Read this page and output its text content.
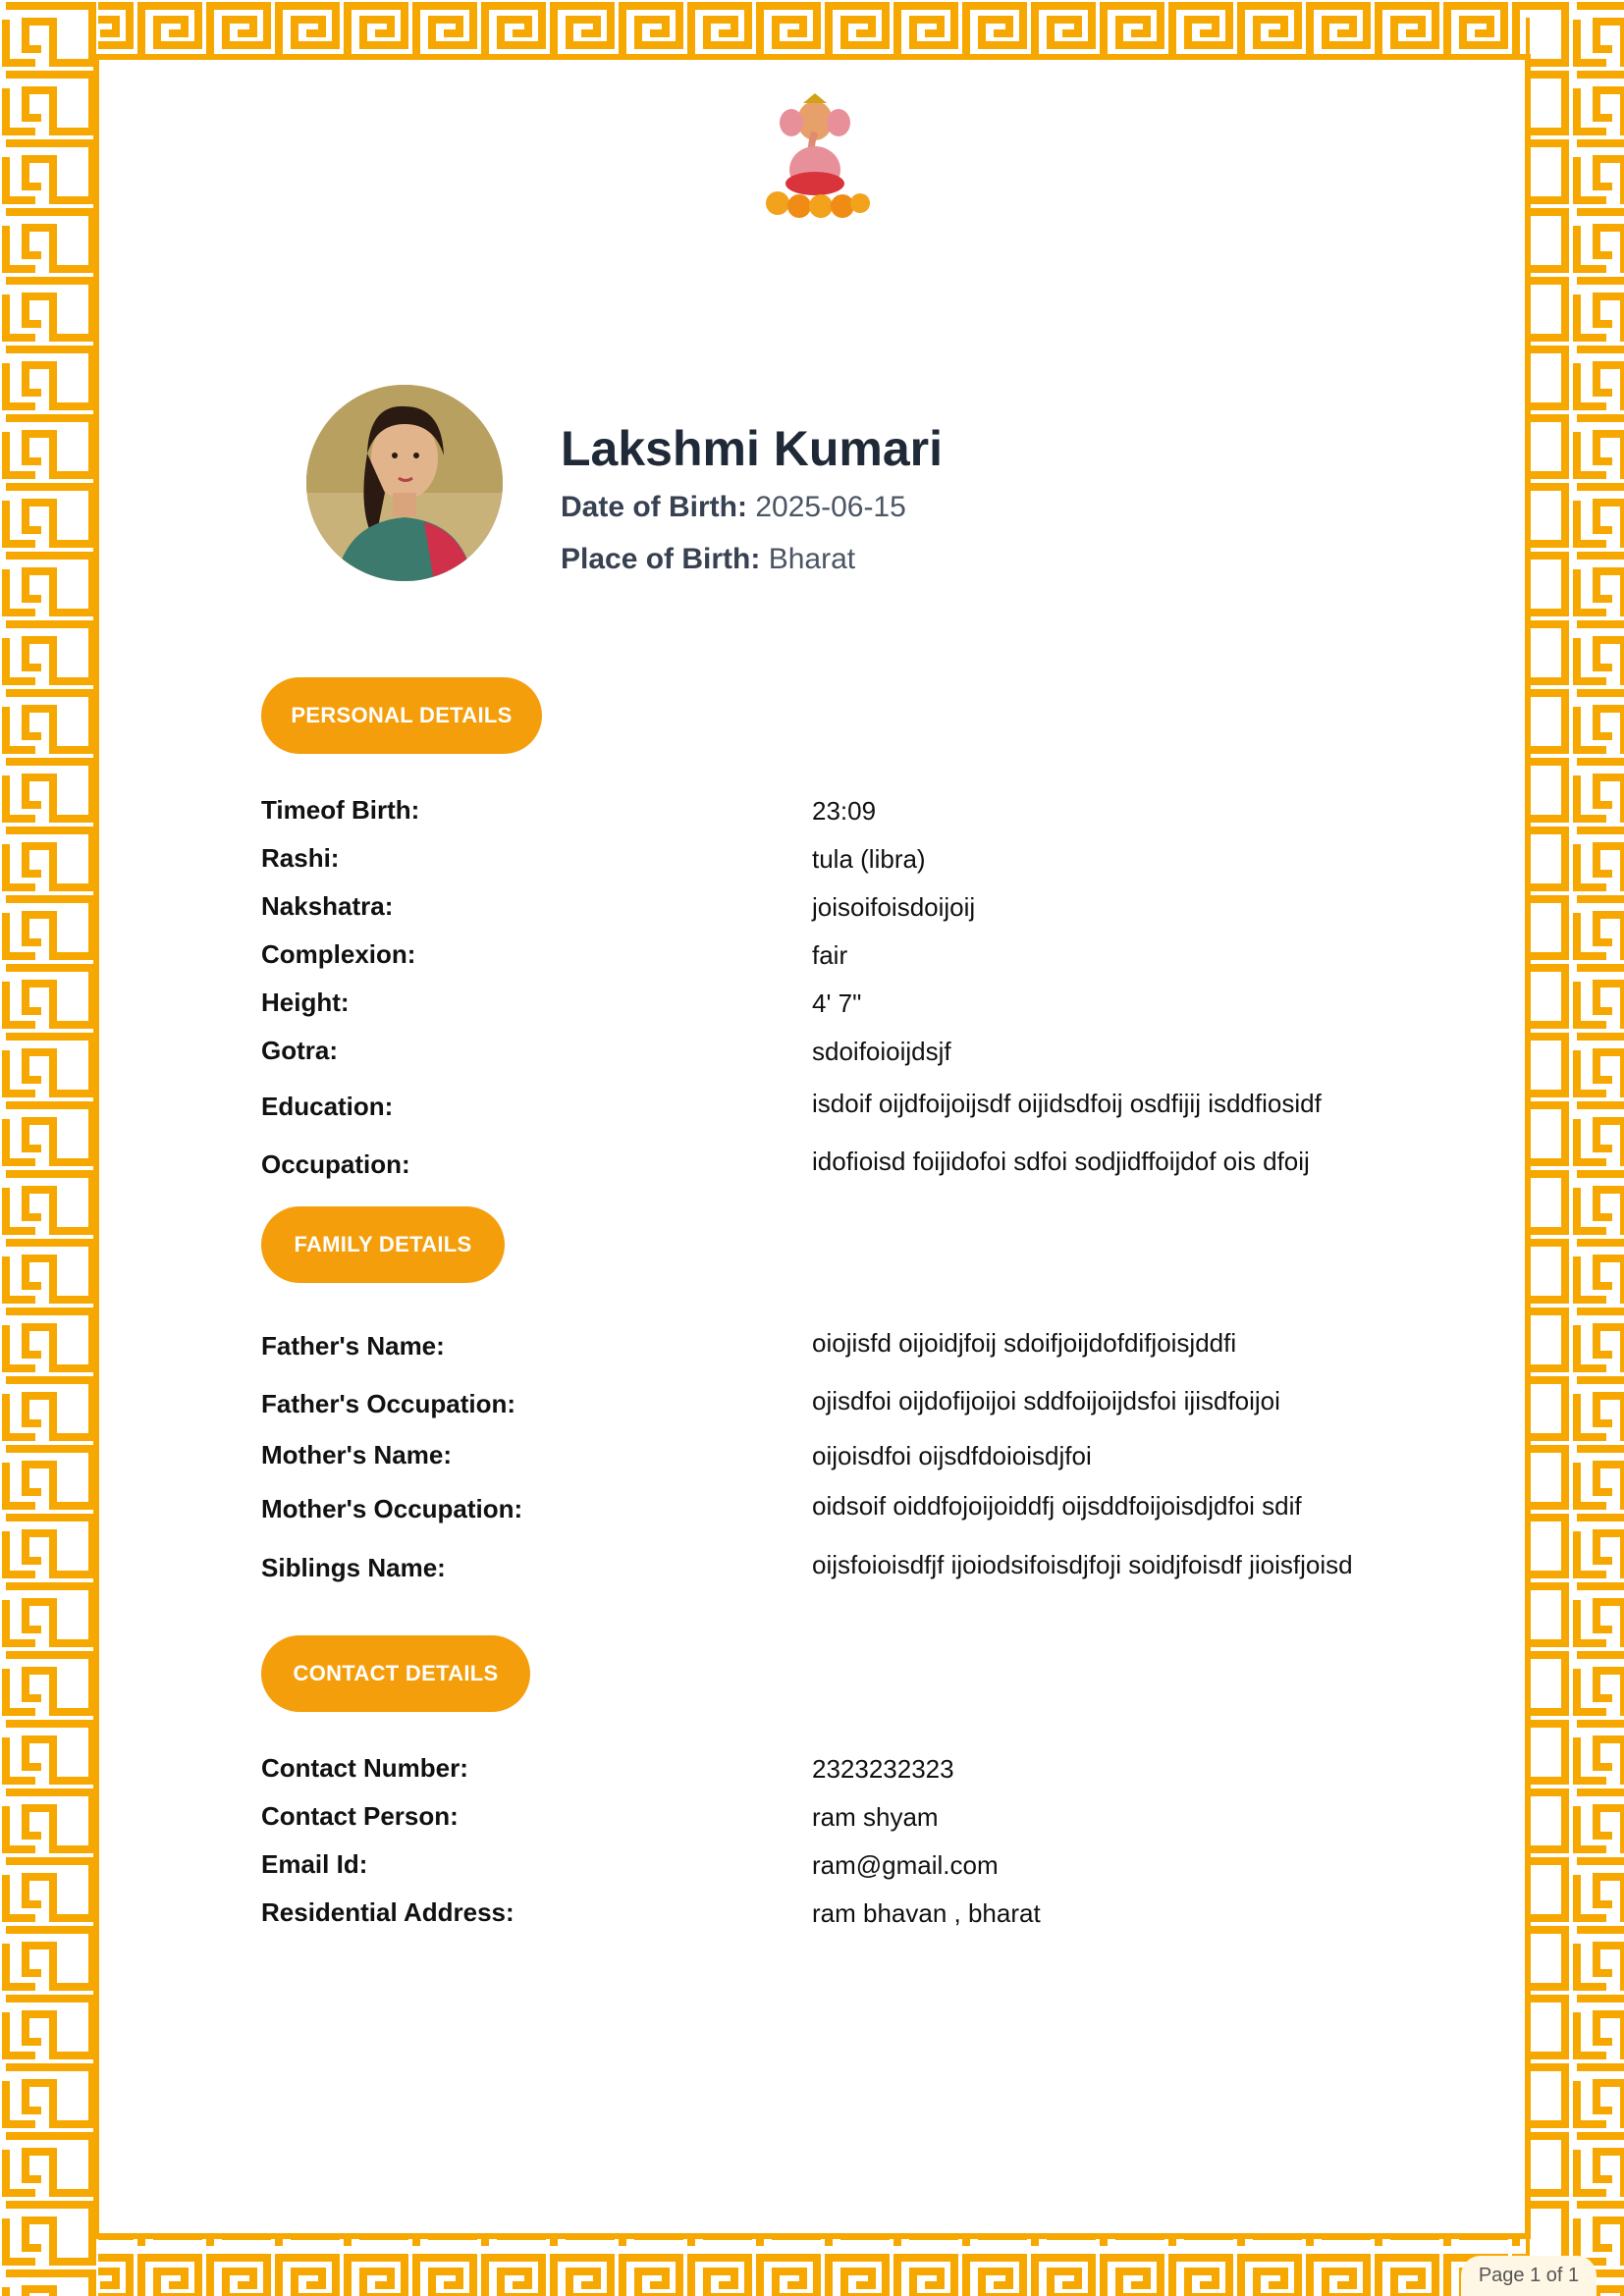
Lakshmi Kumari
Date of Birth: 2025-06-15
Place of Birth: Bharat
PERSONAL DETAILS
Timeof Birth:	23:09
Rashi:	tula (libra)
Nakshatra:	joisoifoisdoijoij
Complexion:	fair
Height:	4' 7"
Gotra:	sdoifoioijdsjf
Education:	isdoif oijdfoijoijsdf oijidsdfoij osdfijij isddfiosidf
Occupation:	idofioisd foijidofoi sdfoi sodjidffoijdof ois dfoij
FAMILY DETAILS
Father's Name:	oiojisfd oijoidjfoij sdoifjoijdofdifjoisjddfi
Father's Occupation:	ojisdfoi oijdofijoijoi sddfoijoijdsfoi ijisdfoijoi
Mother's Name:	oijoisdfoi oijsdfdoioisdjfoi
Mother's Occupation:	oidsoif oiddfojoijoiddfj oijsddfoijoisdjdfoi sdif
Siblings Name:	oijsfoioisdfjf ijoiodsifoisdjfoji soidjfoisdf jioisfjoisd
CONTACT DETAILS
Contact Number:	2323232323
Contact Person:	ram shyam
Email Id:	ram@gmail.com
Residential Address:	ram bhavan , bharat
Page 1 of 1
